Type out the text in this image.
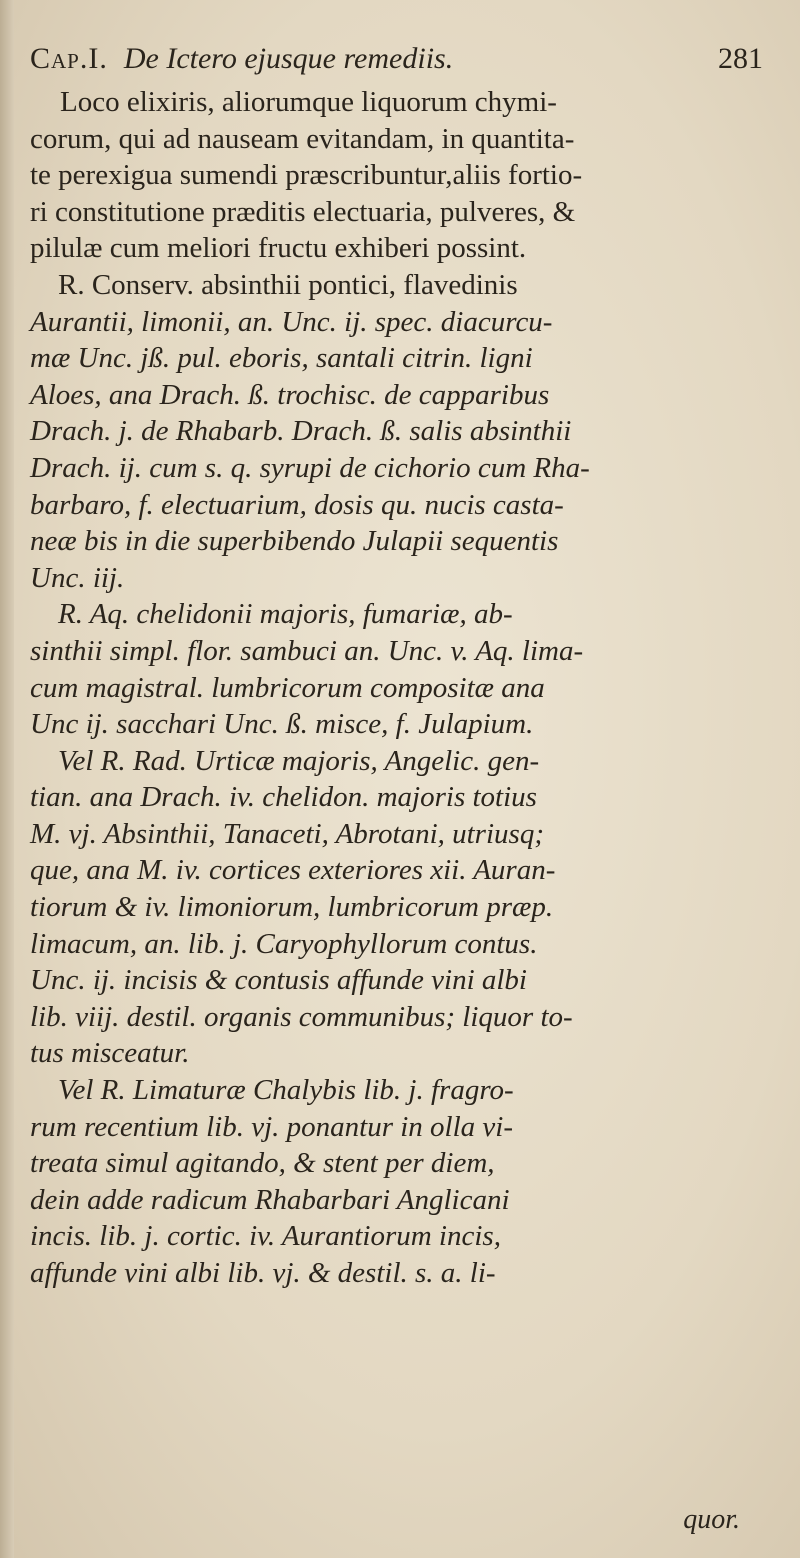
Cap.I. De Ictero ejusque remediis.	281
Loco elixiris, aliorumque liquorum chymi-
corum, qui ad nauseam evitandam, in quantita-
te perexigua sumendi præscribuntur,aliis fortio-
ri constitutione præditis electuaria, pulveres, &
pilulæ cum meliori fructu exhiberi possint.
R. Conserv. absinthii pontici, flavedinis
Aurantii, limonii, an. Unc. ij. spec. diacurcu-
mæ Unc. jß. pul. eboris, santali citrin. ligni
Aloes, ana Drach. ß. trochisc. de capparibus
Drach. j. de Rhabarb. Drach. ß. salis absinthii
Drach. ij. cum s. q. syrupi de cichorio cum Rha-
barbaro, f. electuarium, dosis qu. nucis casta-
neæ bis in die superbibendo Julapii sequentis
Unc. iij.
R. Aq. chelidonii majoris, fumariæ, ab-
sinthii simpl. flor. sambuci an. Unc. v. Aq. lima-
cum magistral. lumbricorum compositæ ana
Unc ij. sacchari Unc. ß. misce, f. Julapium.
Vel R. Rad. Urticæ majoris, Angelic. gen-
tian. ana Drach. iv. chelidon. majoris totius
M. vj. Absinthii, Tanaceti, Abrotani, utriusq;
que, ana M. iv. cortices exteriores xii. Auran-
tiorum & iv. limoniorum, lumbricorum præp.
limacum, an. lib. j. Caryophyllorum contus.
Unc. ij. incisis & contusis affunde vini albi
lib. viij. destil. organis communibus; liquor to-
tus misceatur.
Vel R. Limaturæ Chalybis lib. j. fragro-
rum recentium lib. vj. ponantur in olla vi-
treata simul agitando, & stent per diem,
dein adde radicum Rhabarbari Anglicani
incis. lib. j. cortic. iv. Aurantiorum incis,
affunde vini albi lib. vj. & destil. s. a. li-
quor.
